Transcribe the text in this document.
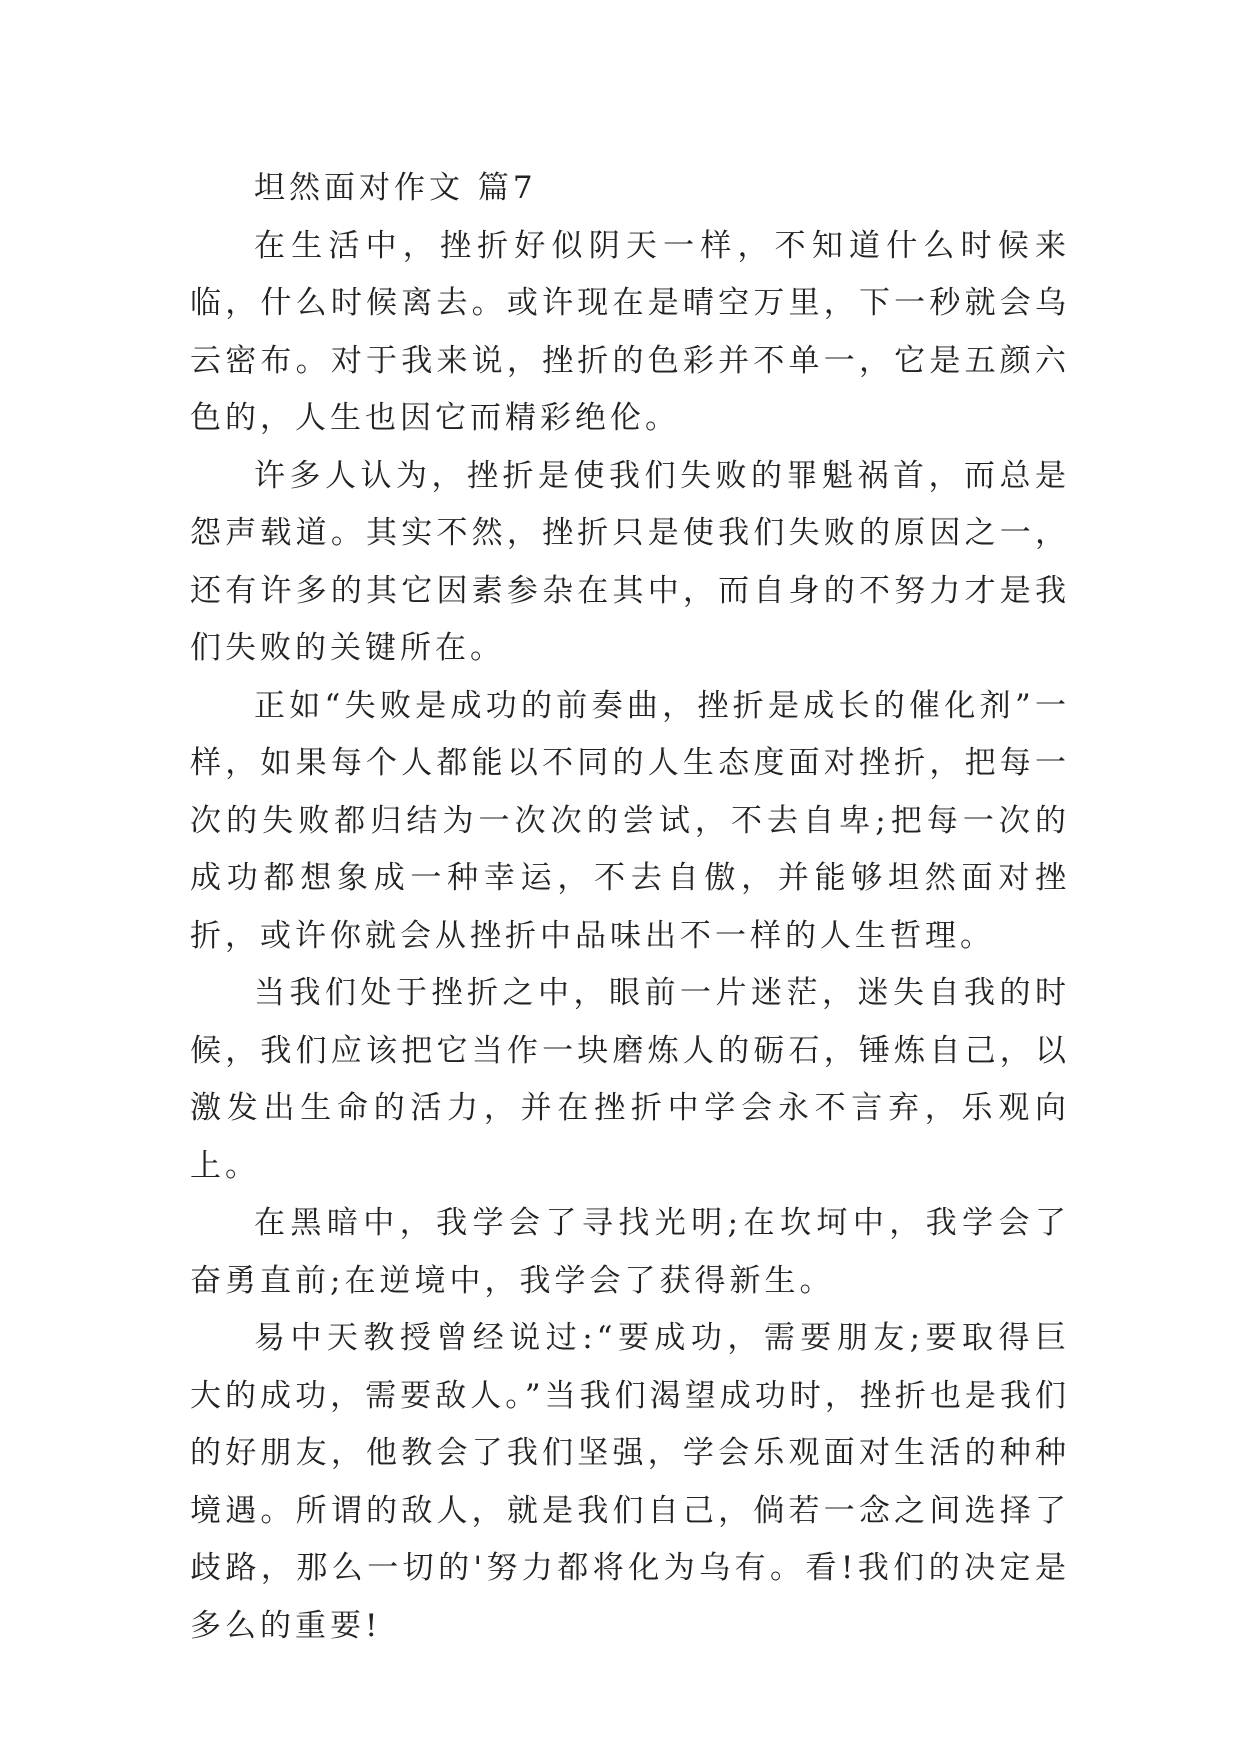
坦然面对作文 篇7

在生活中，挫折好似阴天一样，不知道什么时候来临，什么时候离去。或许现在是晴空万里，下一秒就会乌云密布。对于我来说，挫折的色彩并不单一，它是五颜六色的，人生也因它而精彩绝伦。

许多人认为，挫折是使我们失败的罪魁祸首，而总是怨声载道。其实不然，挫折只是使我们失败的原因之一，还有许多的其它因素参杂在其中，而自身的不努力才是我们失败的关键所在。

正如“失败是成功的前奏曲，挫折是成长的催化剂”一样，如果每个人都能以不同的人生态度面对挫折，把每一次的失败都归结为一次次的尝试，不去自卑;把每一次的成功都想象成一种幸运，不去自傲，并能够坦然面对挫折，或许你就会从挫折中品味出不一样的人生哲理。

当我们处于挫折之中，眼前一片迷茫，迷失自我的时候，我们应该把它当作一块磨炼人的砺石，锤炼自己，以激发出生命的活力，并在挫折中学会永不言弃，乐观向上。

在黑暗中，我学会了寻找光明;在坎坷中，我学会了奋勇直前;在逆境中，我学会了获得新生。

易中天教授曾经说过:“要成功，需要朋友;要取得巨大的成功，需要敌人。”当我们渴望成功时，挫折也是我们的好朋友，他教会了我们坚强，学会乐观面对生活的种种境遇。所谓的敌人，就是我们自己，倘若一念之间选择了歧路，那么一切的'努力都将化为乌有。看!我们的决定是多么的重要!
